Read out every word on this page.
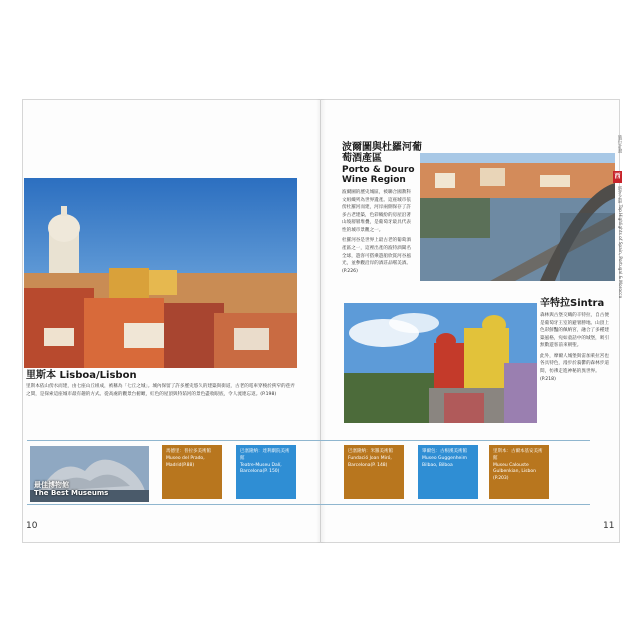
波爾圖與杜羅河葡萄酒產區
Porto & Douro Wine Region

波爾圖的歷史城區，被聯合國教科文組織列為世界遺產。這座城市依傍杜羅河而建，河岸兩側保存了許多古老建築，色彩繽紛的房屋沿著山坡層層堆疊，是葡萄牙最具代表性的城市景觀之一。

杜羅河谷是世界上最古老的葡萄酒產區之一，這裡出產的波特酒聞名全球，遊客可搭乘遊船欣賞河谷風光，並參觀沿岸的酒莊品嚐美酒。(P.226)

辛特拉Sintra

森林與古堡交織的辛特拉，自古便是葡萄牙王室的避暑勝地。山頂上色彩鮮豔的佩納宮，融合了多種建築風格，宛如童話中的城堡，吸引無數遊客前來朝聖。

此外，摩爾人城堡與雷加萊拉宮也各具特色，漫步於蓊鬱的森林步道間，彷彿走進神秘的異世界。(P.218)

里斯本 Lisboa/Lisbon
里斯本依山傍水而建，由七座山丘組成，被稱為「七丘之城」。城內保留了許多歷史悠久的建築與街道，古老的電車穿梭於狹窄的巷弄之間，是探索這座城市最有趣的方式。從高處的觀景台俯瞰，紅色的屋頂與特茹河的景色盡收眼底，令人流連忘返。(P.198)
旅行計畫
西
班牙之最 Top Highlights of Spain, Portugal & Morocco
最佳博物館
The Best Museums
馬德里：普拉多美術館
Museo del Prado, Madrid(P.88)
巴塞隆納：達利劇院美術館
Teatre-Museu Dalí, Barcelona(P. 150)
巴塞隆納：米羅美術館
Fundació Joan Miró, Barcelona(P. 148)
畢爾包：古根漢美術館
Museo Guggenheim Bilbao, Bilboa
里斯本：古爾本基安美術館
Museu Calouste Gulbenkian, Lisbon (P.203)
10	11
